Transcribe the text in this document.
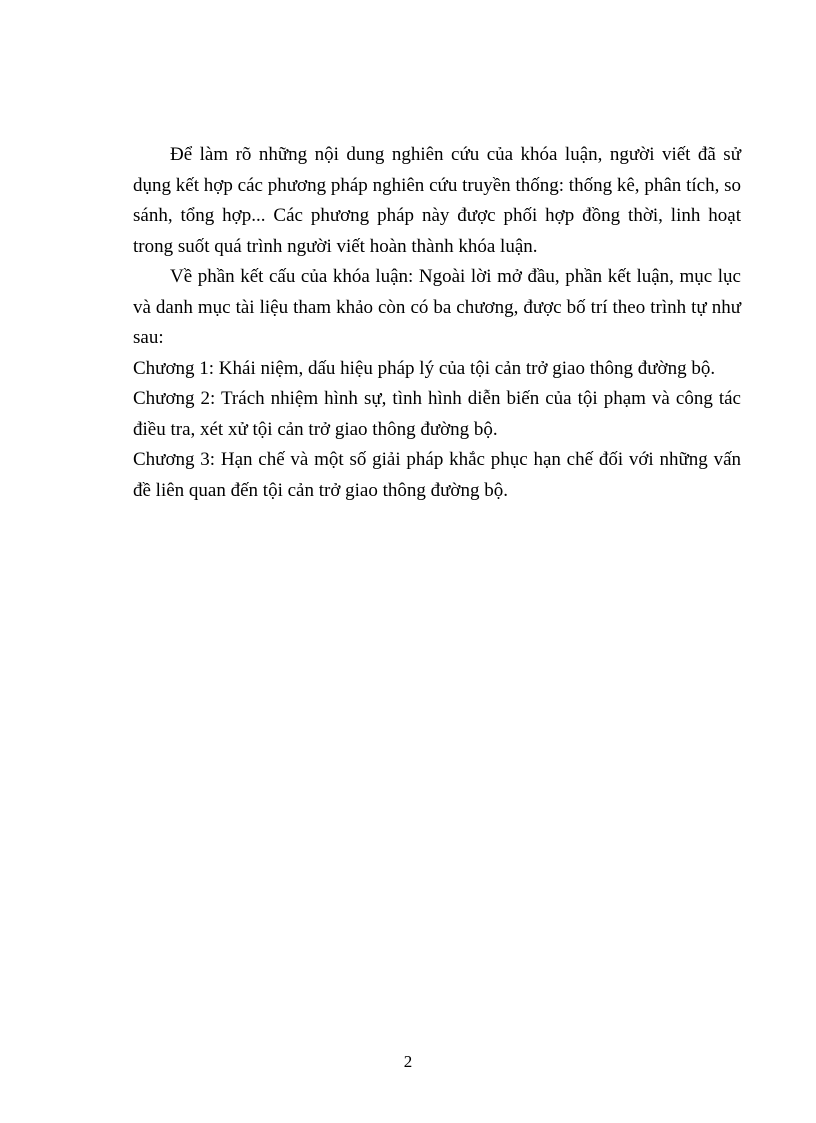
Để làm rõ những nội dung nghiên cứu của khóa luận, người viết đã sử dụng kết hợp các phương pháp nghiên cứu truyền thống: thống kê, phân tích, so sánh, tổng hợp... Các phương pháp này được phối hợp đồng thời, linh hoạt trong suốt quá trình người viết hoàn thành khóa luận.

Về phần kết cấu của khóa luận: Ngoài lời mở đầu, phần kết luận, mục lục và danh mục tài liệu tham khảo còn có ba chương, được bố trí theo trình tự như sau:

Chương 1: Khái niệm, dấu hiệu pháp lý của tội cản trở giao thông đường bộ.

Chương 2: Trách nhiệm hình sự, tình hình diễn biến của tội phạm và công tác điều tra, xét xử tội cản trở giao thông đường bộ.

Chương 3: Hạn chế và một số giải pháp khắc phục hạn chế đối với những vấn đề liên quan đến tội cản trở giao thông đường bộ.

2
